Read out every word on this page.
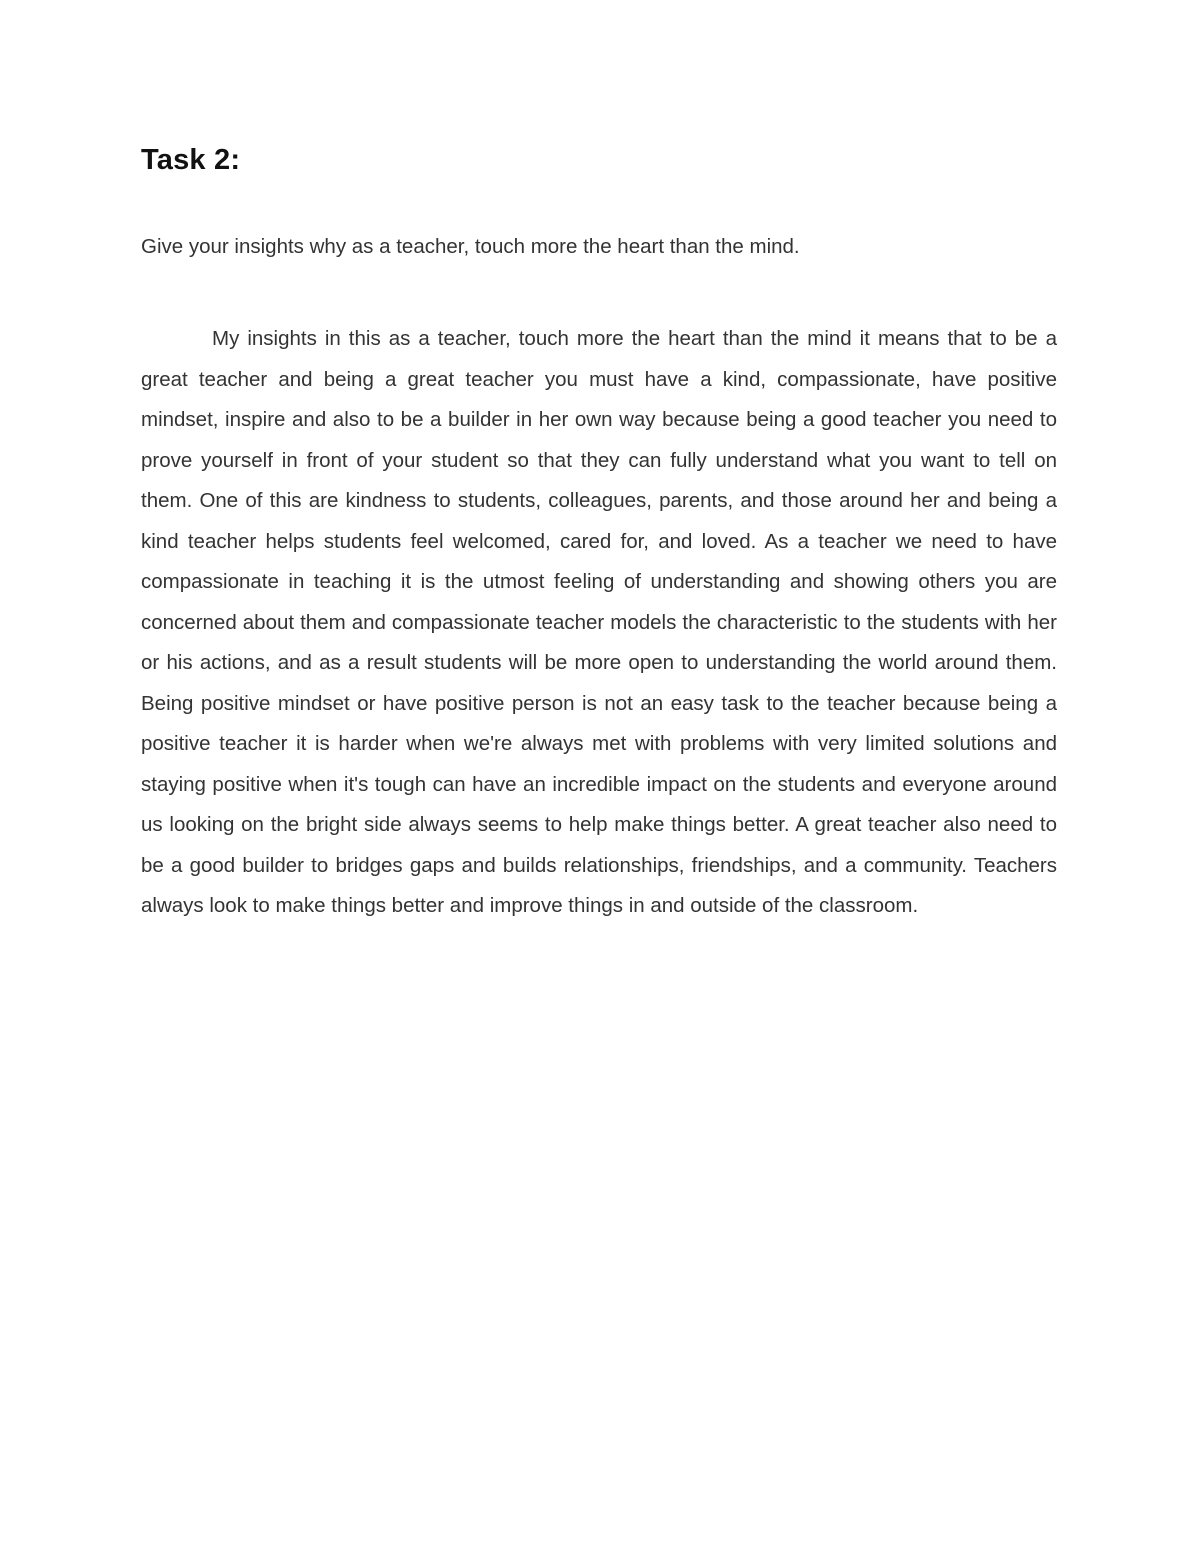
Task 2:

Give your insights why as a teacher, touch more the heart than the mind.

My insights in this as a teacher, touch more the heart than the mind it means that to be a great teacher and being a great teacher you must have a kind, compassionate, have positive mindset, inspire and also to be a builder in her own way because being a good teacher you need to prove yourself in front of your student so that they can fully understand what you want to tell on them. One of this are kindness to students, colleagues, parents, and those around her and being a kind teacher helps students feel welcomed, cared for, and loved. As a teacher we need to have compassionate in teaching it is the utmost feeling of understanding and showing others you are concerned about them and compassionate teacher models the characteristic to the students with her or his actions, and as a result students will be more open to understanding the world around them. Being positive mindset or have positive person is not an easy task to the teacher because being a positive teacher it is harder when we're always met with problems with very limited solutions and staying positive when it's tough can have an incredible impact on the students and everyone around us looking on the bright side always seems to help make things better. A great teacher also need to be a good builder to bridges gaps and builds relationships, friendships, and a community. Teachers always look to make things better and improve things in and outside of the classroom.
